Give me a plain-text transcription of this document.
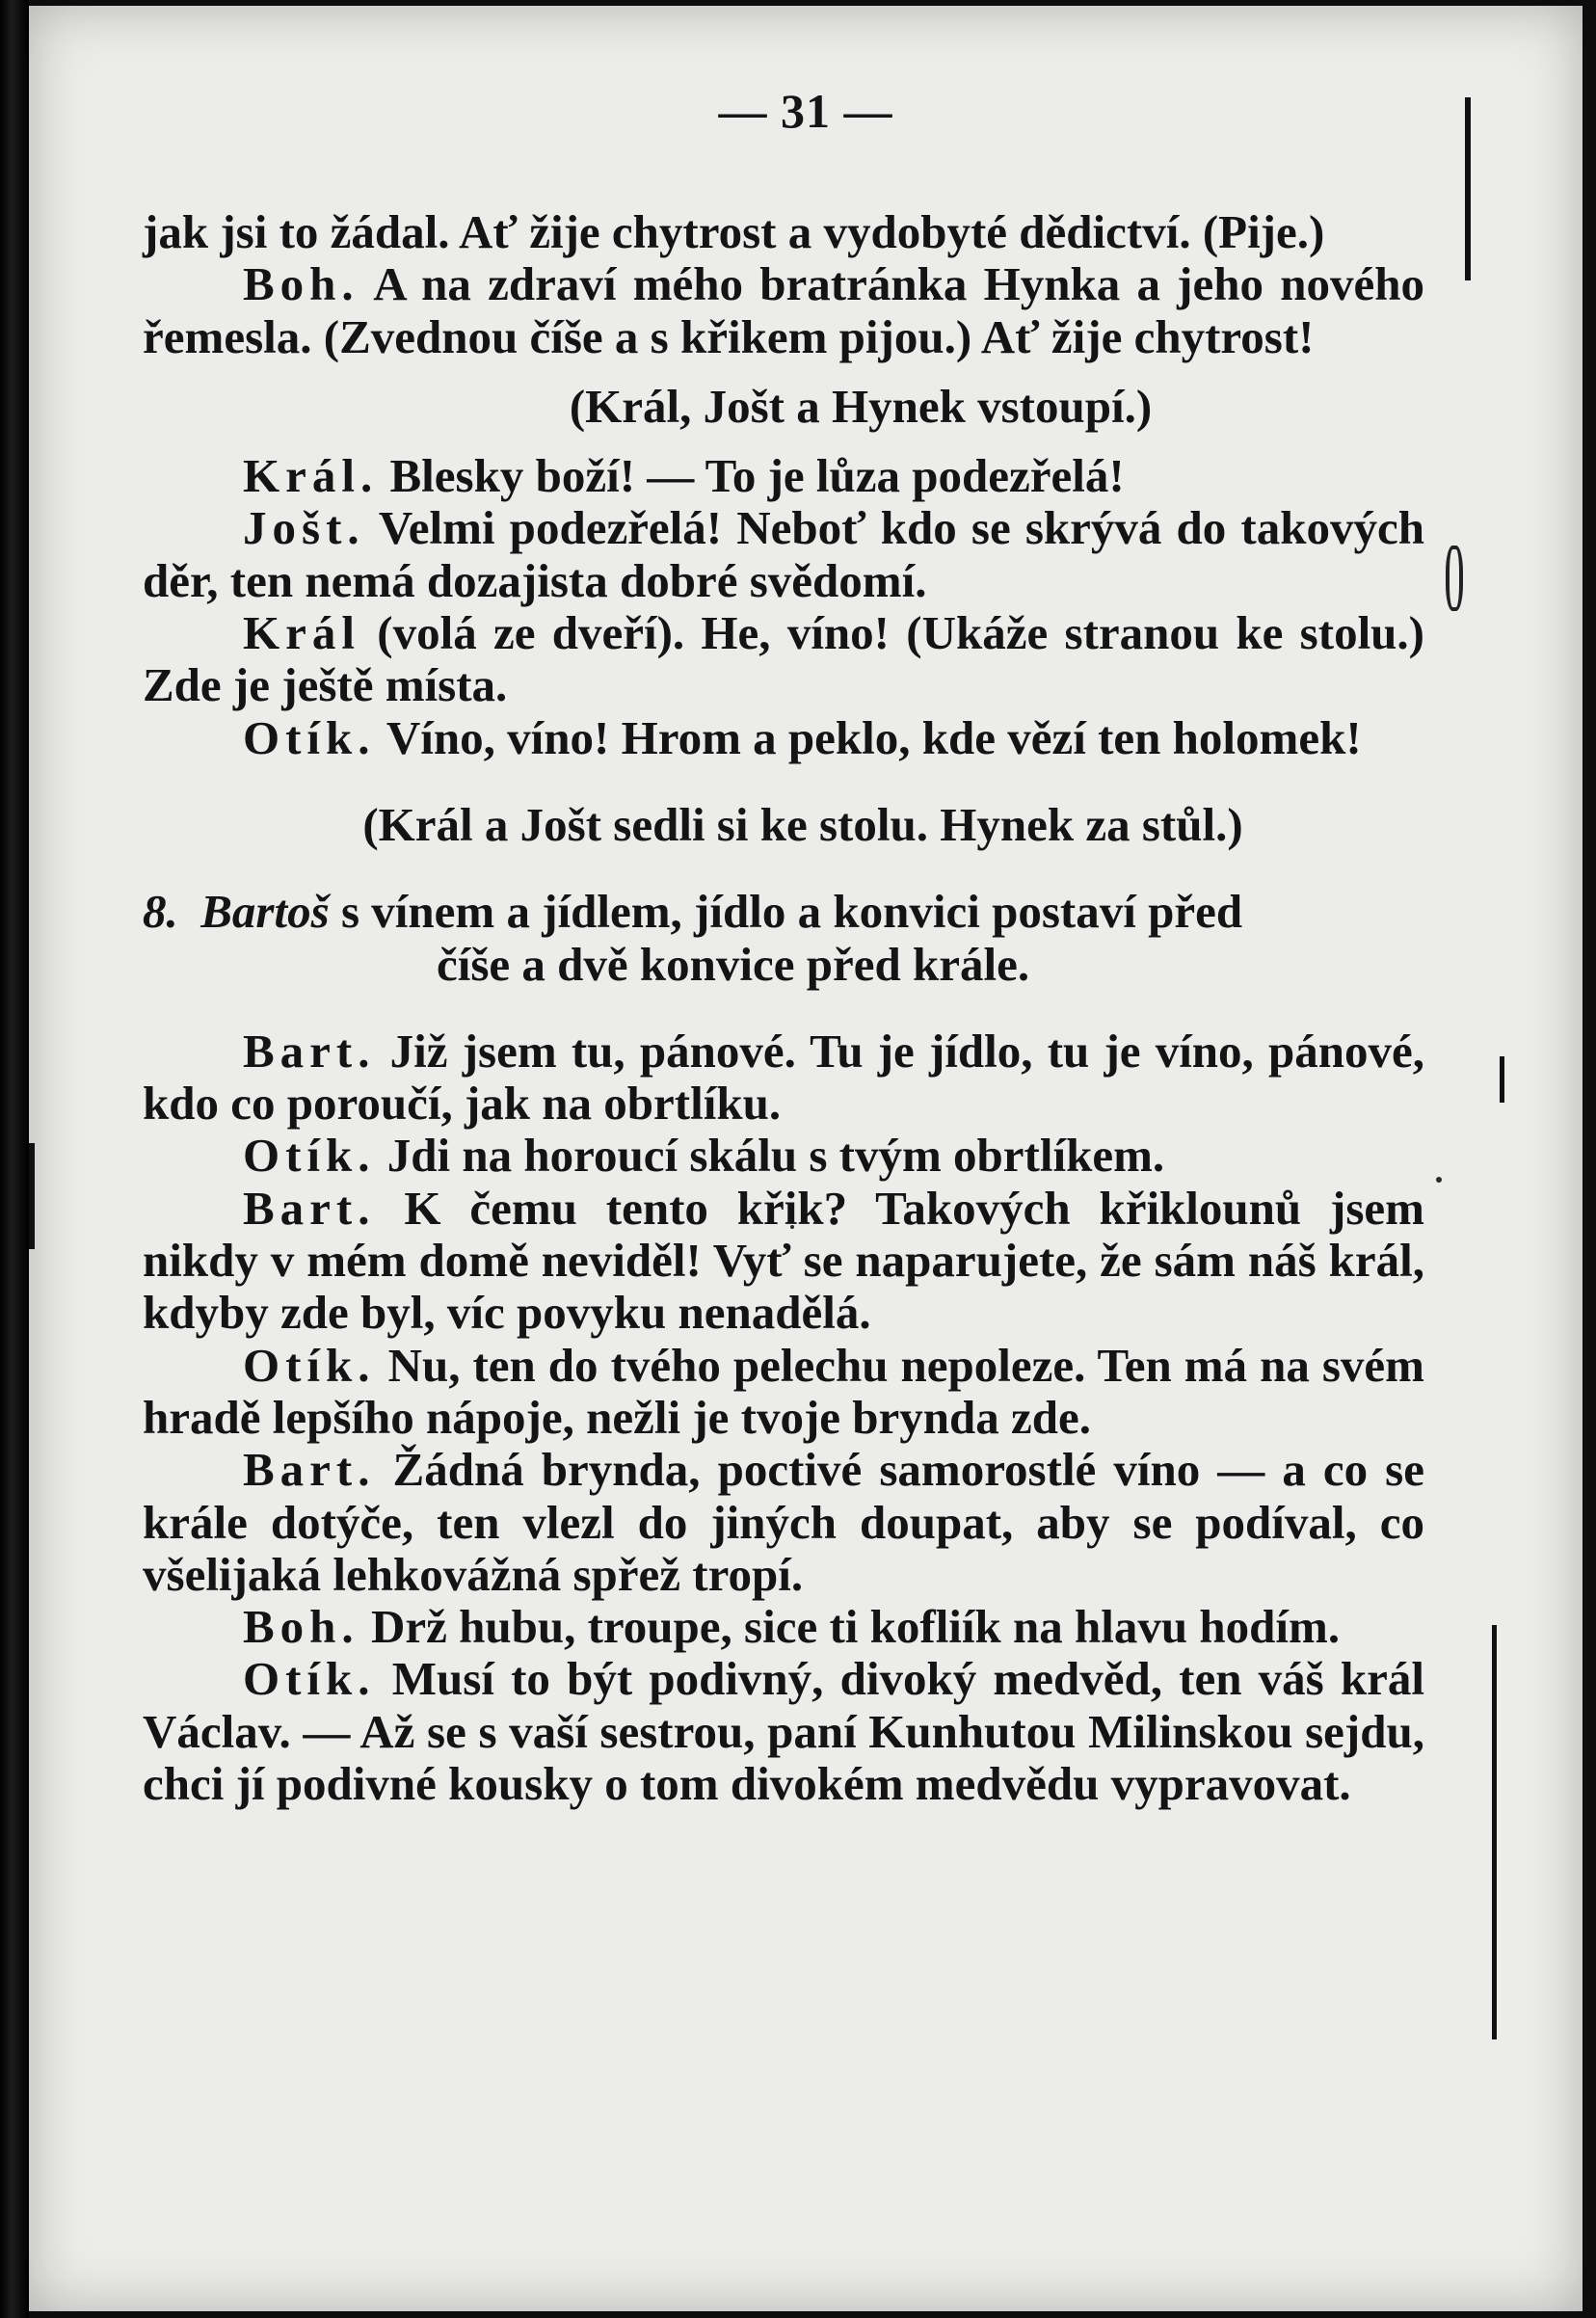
— 31 —

jak jsi to žádal. Ať žije chytrost a vydobyté dědictví. (Pije.)

Boh. A na zdraví mého bratránka Hynka a jeho nového řemesla. (Zvednou číše a s křikem pijou.) Ať žije chytrost!

(Král, Jošt a Hynek vstoupí.)

Král. Blesky boží! — To je lůza podezřelá!

Jošt. Velmi podezřelá! Neboť kdo se skrývá do takových děr, ten nemá dozajista dobré svědomí.

Král (volá ze dveří). He, víno! (Ukáže stranou ke stolu.) Zde je ještě místa.

Otík. Víno, víno! Hrom a peklo, kde vězí ten holomek!

(Král a Jošt sedli si ke stolu. Hynek za stůl.)

8. Bartoš s vínem a jídlem, jídlo a konvici postaví před
číše a dvě konvice před krále.

Bart. Již jsem tu, pánové. Tu je jídlo, tu je víno, pánové, kdo co poroučí, jak na obrtlíku.

Otík. Jdi na horoucí skálu s tvým obrtlíkem.

Bart. K čemu tento křik? Takových křiklounů jsem nikdy v mém domě neviděl! Vyť se naparujete, že sám náš král, kdyby zde byl, víc povyku nenadělá.

Otík. Nu, ten do tvého pelechu nepoleze. Ten má na svém hradě lepšího nápoje, nežli je tvoje brynda zde.

Bart. Žádná brynda, poctivé samorostlé víno — a co se krále dotýče, ten vlezl do jiných doupat, aby se podíval, co všelijaká lehkovážná spřež tropí.

Boh. Drž hubu, troupe, sice ti kofliík na hlavu hodím.

Otík. Musí to být podivný, divoký medvěd, ten váš král Václav. — Až se s vaší sestrou, paní Kunhutou Milinskou sejdu, chci jí podivné kousky o tom divokém medvědu vypravovat.
